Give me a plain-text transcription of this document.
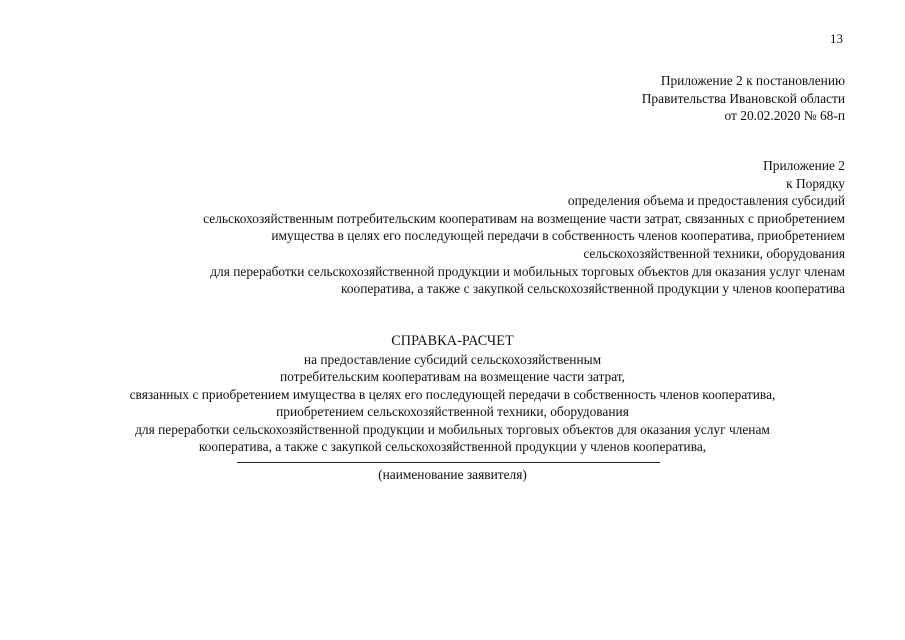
13
Приложение 2 к постановлению
Правительства Ивановской области
от 20.02.2020 № 68-п
Приложение 2
к Порядку
определения объема и предоставления субсидий
сельскохозяйственным потребительским кооперативам на возмещение части затрат, связанных с приобретением
имущества в целях его последующей передачи в собственность членов кооператива, приобретением
сельскохозяйственной техники, оборудования
для переработки сельскохозяйственной продукции и мобильных торговых объектов для оказания услуг членам
кооператива, а также с закупкой сельскохозяйственной продукции у членов кооператива
СПРАВКА-РАСЧЕТ
на предоставление субсидий сельскохозяйственным
потребительским кооперативам на возмещение части затрат,
связанных с приобретением имущества в целях его последующей передачи в собственность членов кооператива,
приобретением сельскохозяйственной техники, оборудования
для переработки сельскохозяйственной продукции и мобильных торговых объектов для оказания услуг членам
кооператива, а также с закупкой сельскохозяйственной продукции у членов кооператива,
(наименование заявителя)
